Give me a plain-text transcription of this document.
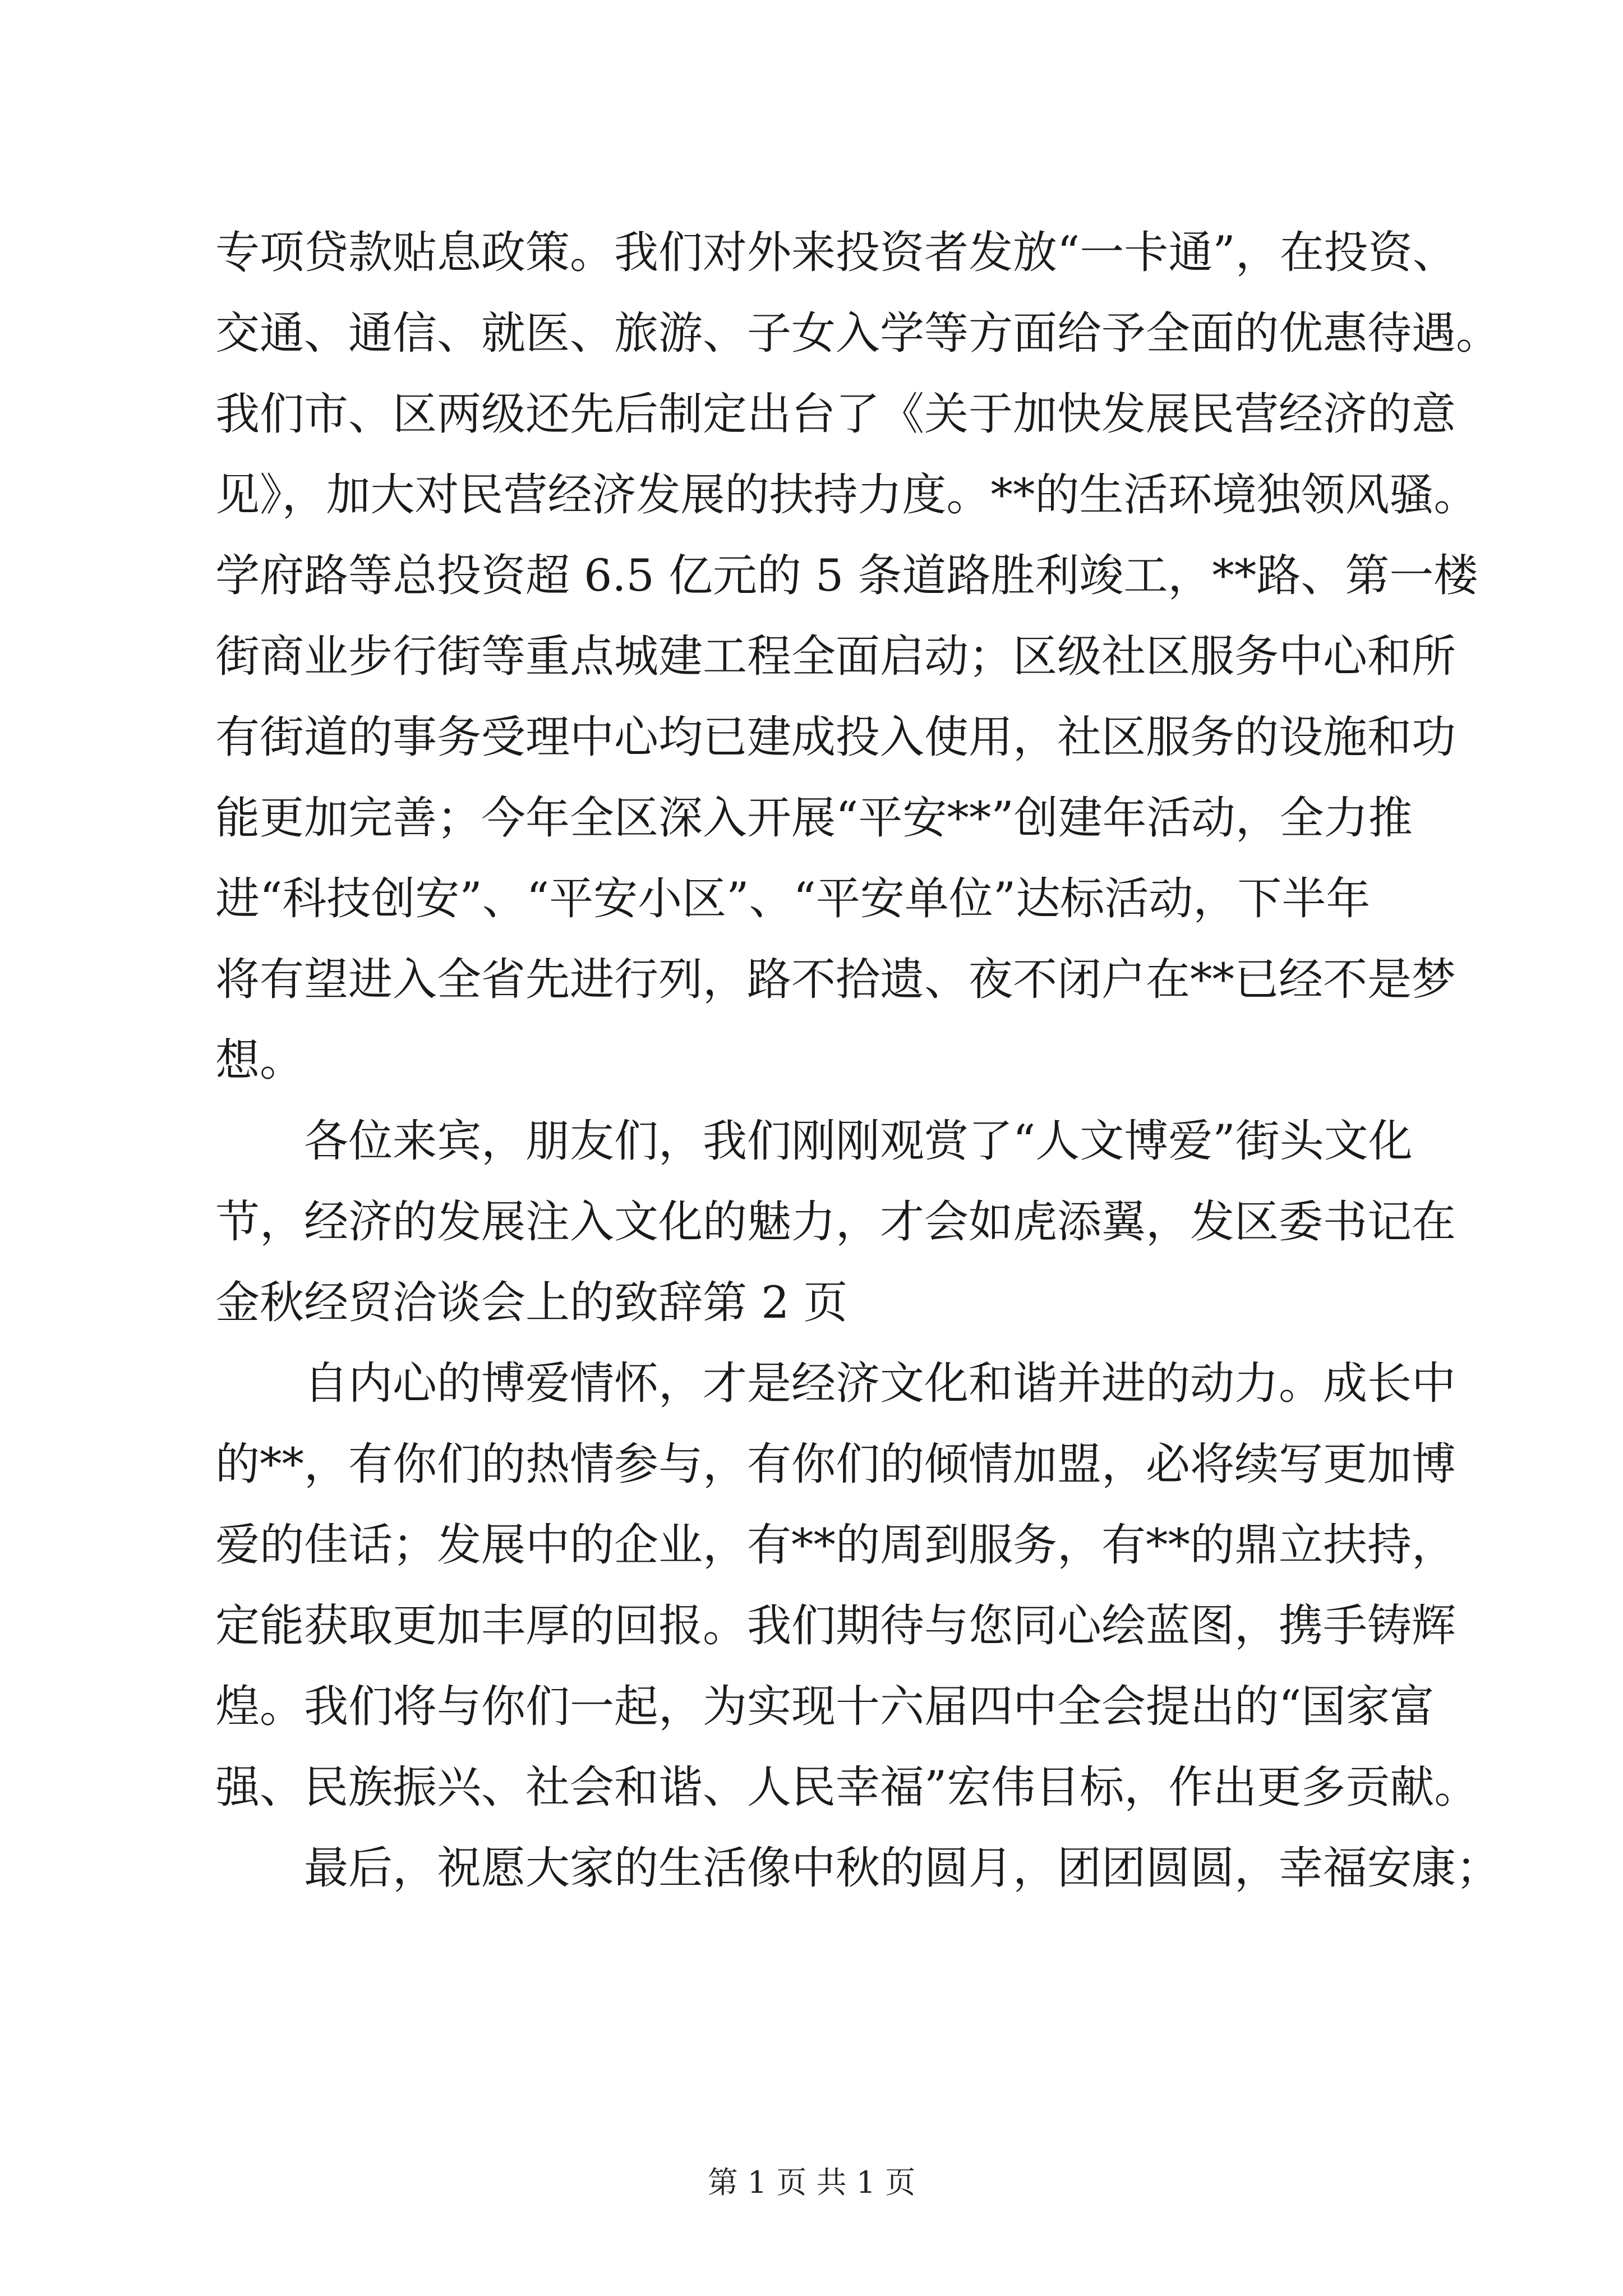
专项贷款贴息政策。我们对外来投资者发放“一卡通”，在投资、
交通、通信、就医、旅游、子女入学等方面给予全面的优惠待遇。
我们市、区两级还先后制定出台了《关于加快发展民营经济的意
见》，加大对民营经济发展的扶持力度。**的生活环境独领风骚。
学府路等总投资超 6.5 亿元的 5 条道路胜利竣工，**路、第一楼
街商业步行街等重点城建工程全面启动；区级社区服务中心和所
有街道的事务受理中心均已建成投入使用，社区服务的设施和功
能更加完善；今年全区深入开展“平安**”创建年活动，全力推
进“科技创安”、“平安小区”、“平安单位”达标活动，下半年
将有望进入全省先进行列，路不拾遗、夜不闭户在**已经不是梦
想。
　　各位来宾，朋友们，我们刚刚观赏了“人文博爱”街头文化
节，经济的发展注入文化的魅力，才会如虎添翼，发区委书记在
金秋经贸洽谈会上的致辞第 2 页
　　自内心的博爱情怀，才是经济文化和谐并进的动力。成长中
的**，有你们的热情参与，有你们的倾情加盟，必将续写更加博
爱的佳话；发展中的企业，有**的周到服务，有**的鼎立扶持，
定能获取更加丰厚的回报。我们期待与您同心绘蓝图，携手铸辉
煌。我们将与你们一起，为实现十六届四中全会提出的“国家富
强、民族振兴、社会和谐、人民幸福”宏伟目标，作出更多贡献。
　　最后，祝愿大家的生活像中秋的圆月，团团圆圆，幸福安康；
第 1 页 共 1 页
